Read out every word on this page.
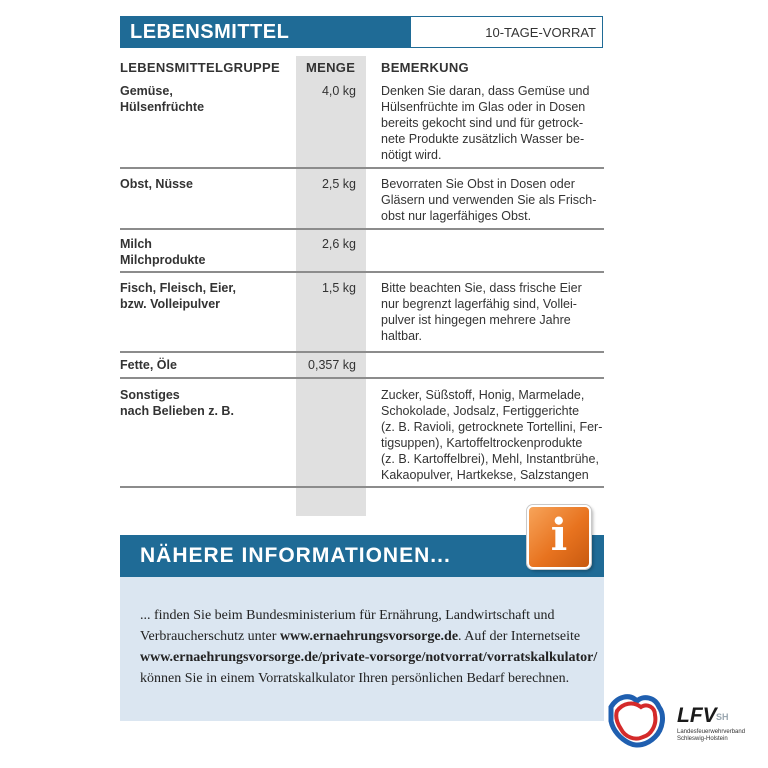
LEBENSMITTEL	10-TAGE-VORRAT
LEBENSMITTELGRUPPE MENGE BEMERKUNG
Gemüse,
Hülsenfrüchte
4,0 kg Denken Sie daran, dass Gemüse und
Hülsenfrüchte im Glas oder in Dosen
bereits gekocht sind und für getrock-
nete Produkte zusätzlich Wasser be-
nötigt wird.
Obst, Nüsse	2,5 kg Bevorraten Sie Obst in Dosen oder
Gläsern und verwenden Sie als Frisch-
obst nur lagerfähiges Obst.
Milch
Milchprodukte
2,6 kg
Fisch, Fleisch, Eier,
bzw. Volleipulver
1,5 kg Bitte beachten Sie, dass frische Eier
nur begrenzt lagerfähig sind, Vollei-
pulver ist hingegen mehrere Jahre
haltbar.
Fette, Öle	0,357 kg
Sonstiges
nach Belieben z. B.
Zucker, Süßstoff, Honig, Marmelade,
Schokolade, Jodsalz, Fertiggerichte
(z. B. Ravioli, getrocknete Tortellini, Fer-
tigsuppen), Kartoffeltrockenprodukte
(z. B. Kartoffelbrei), Mehl, Instantbrühe,
Kakaopulver, Hartkekse, Salzstangen
NÄHERE INFORMATIONEN...	i
... finden Sie beim Bundesministerium für Ernährung, Landwirtschaft und Verbraucherschutz unter www.ernaehrungsvorsorge.de. Auf der Internetseite www.ernaehrungsvorsorge.de/private-vorsorge/notvorrat/vorratskalkulator/ können Sie in einem Vorratskalkulator Ihren persönlichen Bedarf berechnen.
LFV SH
Landesfeuerwehrverband
Schleswig-Holstein
